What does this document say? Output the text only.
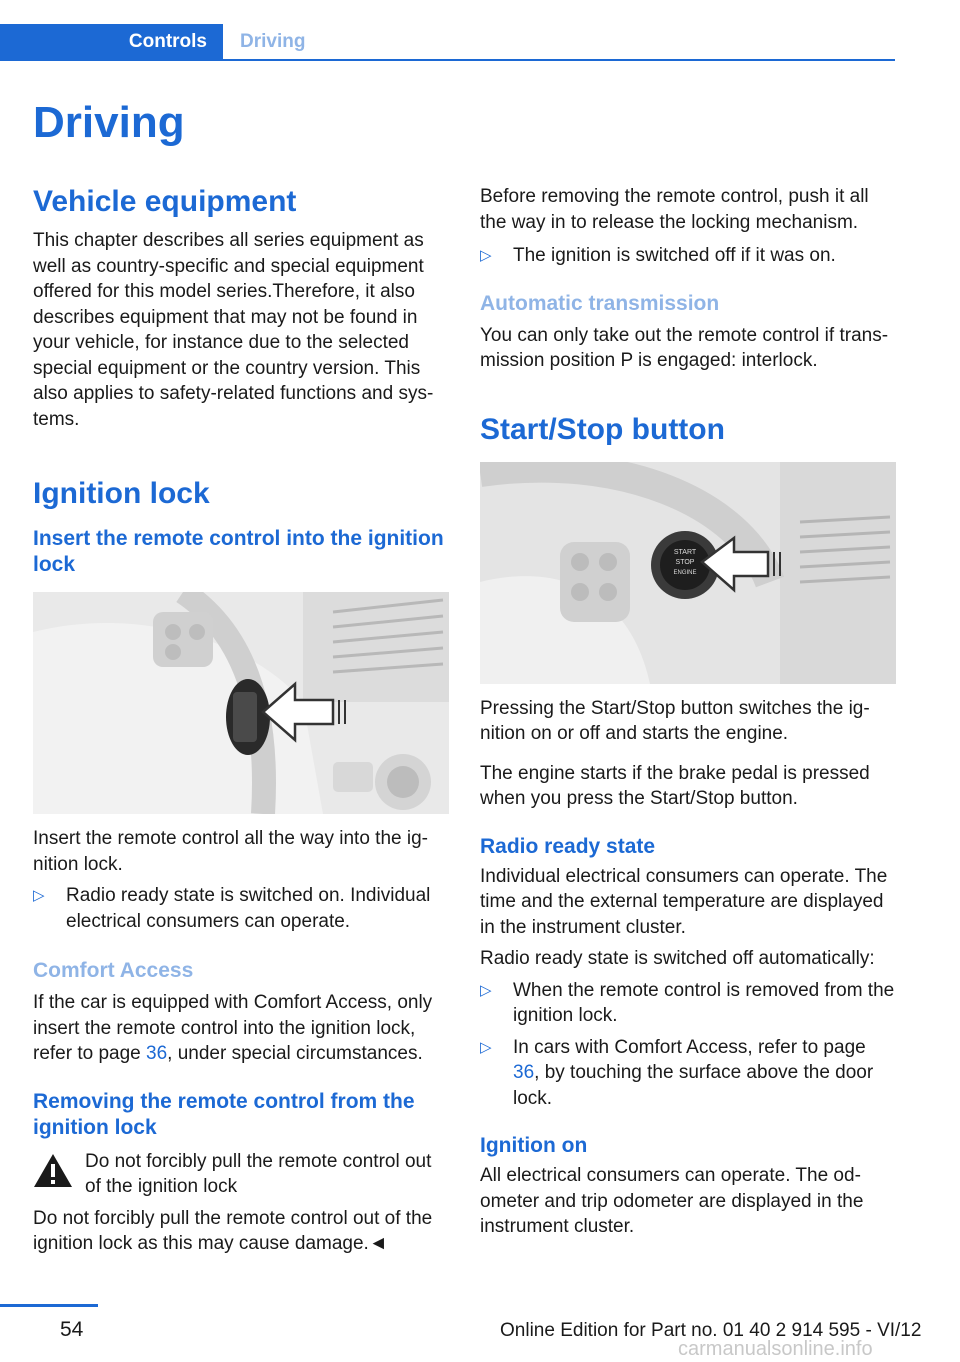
Controls	Driving
Driving
Vehicle equipment

This chapter describes all series equipment as well as country-specific and special equipment offered for this model series.Therefore, it also describes equipment that may not be found in your vehicle, for instance due to the selected special equipment or the country version. This also applies to safety-related functions and systems.

Ignition lock
Insert the remote control into the ignition lock

Insert the remote control all the way into the ignition lock.

▷ Radio ready state is switched on. Individual electrical consumers can operate.
Comfort Access

If the car is equipped with Comfort Access, only insert the remote control into the ignition lock, refer to page 36, under special circumstances.

Removing the remote control from the ignition lock

Do not forcibly pull the remote control out of the ignition lock

Do not forcibly pull the remote control out of the ignition lock as this may cause damage.◄

Before removing the remote control, push it all the way in to release the locking mechanism.

▷ The ignition is switched off if it was on.
Automatic transmission

You can only take out the remote control if transmission position P is engaged: interlock.

Start/Stop button
START
STOP
ENGINE

Pressing the Start/Stop button switches the ignition on or off and starts the engine.

The engine starts if the brake pedal is pressed when you press the Start/Stop button.

Radio ready state

Individual electrical consumers can operate. The time and the external temperature are displayed in the instrument cluster.

Radio ready state is switched off automatically:

▷ When the remote control is removed from the ignition lock.
▷ In cars with Comfort Access, refer to page 36, by touching the surface above the door lock.
Ignition on

All electrical consumers can operate. The odometer and trip odometer are displayed in the instrument cluster.

54	Online Edition for Part no. 01 40 2 914 595 - VI/12
carmanualsonline.info
